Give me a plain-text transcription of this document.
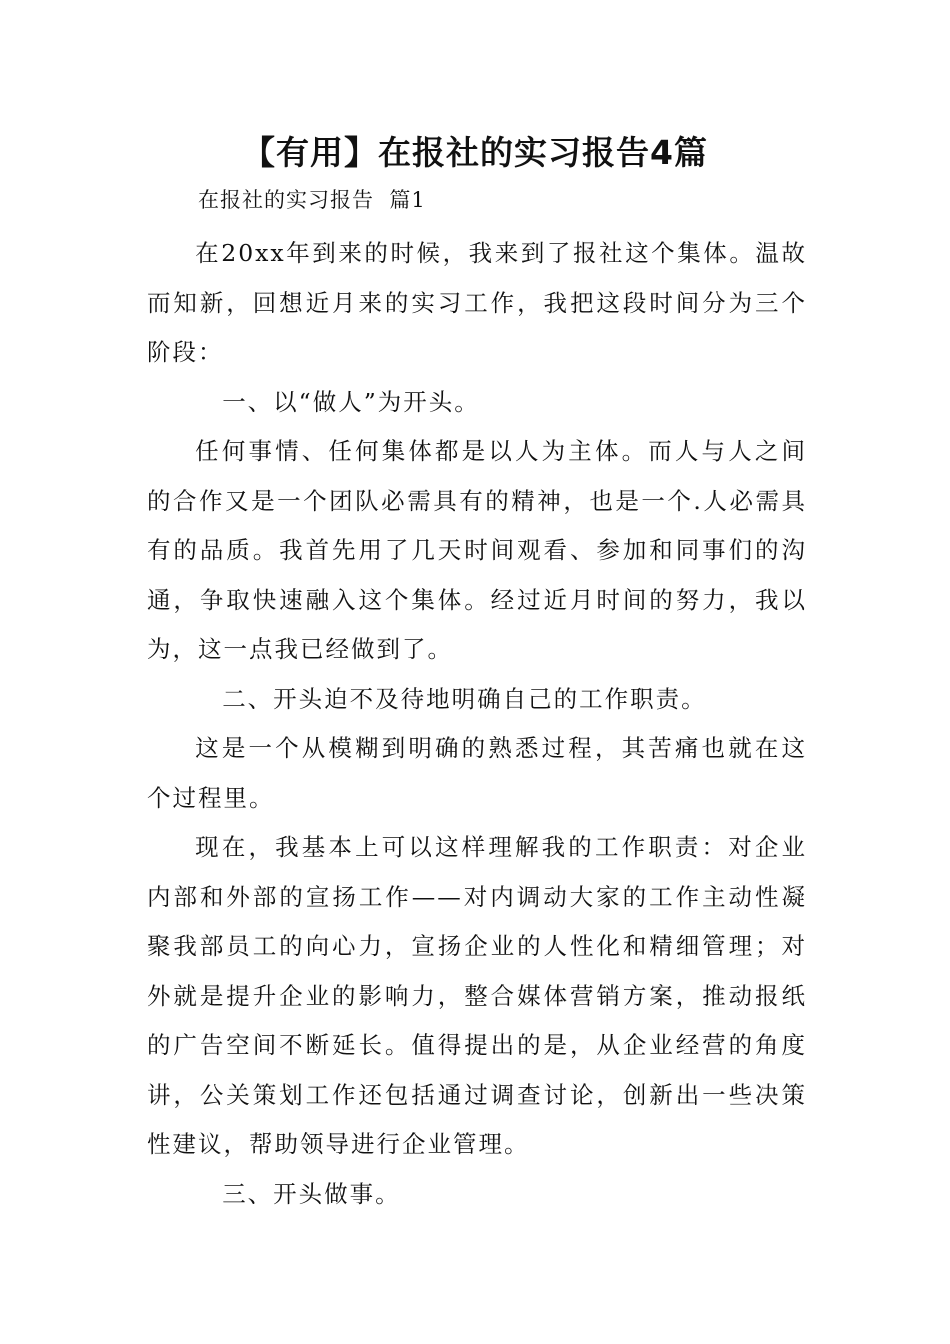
【有用】在报社的实习报告4篇

在报社的实习报告  篇1

在20xx年到来的时候，我来到了报社这个集体。温故而知新，回想近月来的实习工作，我把这段时间分为三个阶段：

一、以“做人”为开头。

任何事情、任何集体都是以人为主体。而人与人之间的合作又是一个团队必需具有的精神，也是一个.人必需具有的品质。我首先用了几天时间观看、参加和同事们的沟通，争取快速融入这个集体。经过近月时间的努力，我以为，这一点我已经做到了。

二、开头迫不及待地明确自己的工作职责。

这是一个从模糊到明确的熟悉过程，其苦痛也就在这个过程里。

现在，我基本上可以这样理解我的工作职责：对企业内部和外部的宣扬工作——对内调动大家的工作主动性凝聚我部员工的向心力，宣扬企业的人性化和精细管理；对外就是提升企业的影响力，整合媒体营销方案，推动报纸的广告空间不断延长。值得提出的是，从企业经营的角度讲，公关策划工作还包括通过调查讨论，创新出一些决策性建议，帮助领导进行企业管理。

三、开头做事。
